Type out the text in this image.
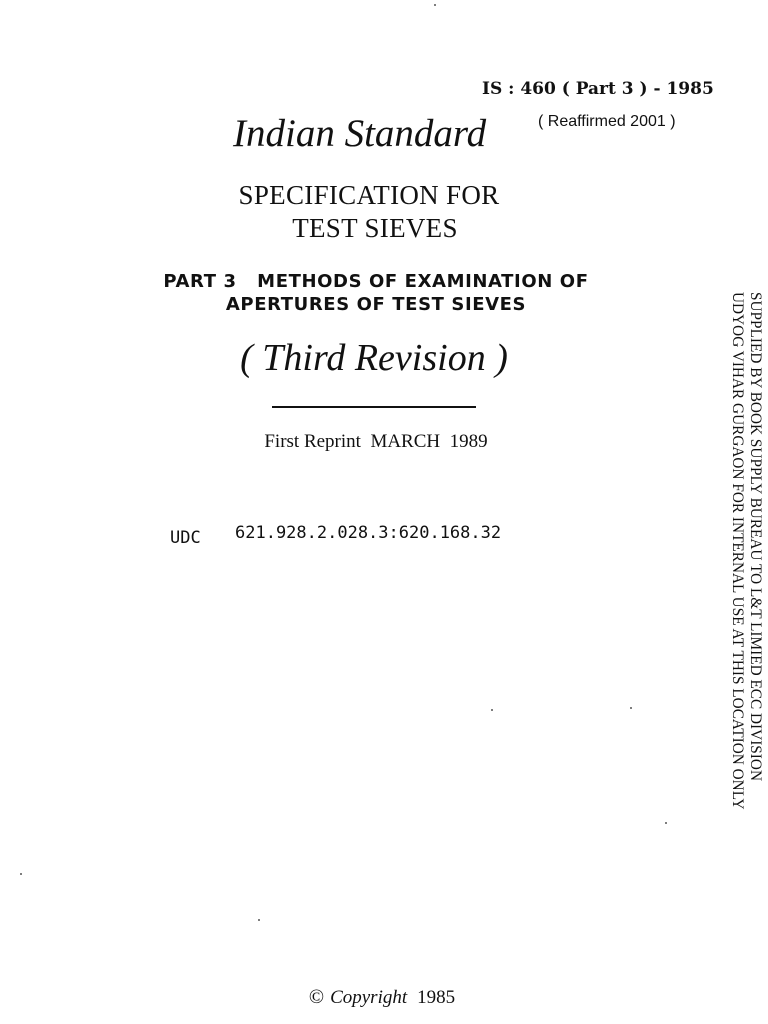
IS : 460 ( Part 3 ) - 1985
( Reaffirmed 2001 )
Indian Standard
SPECIFICATION FOR
TEST SIEVES
PART 3   METHODS OF EXAMINATION OF
APERTURES OF TEST SIEVES
( Third Revision )
First Reprint  MARCH  1989
UDC 621.928.2.028.3:620.168.32	SUPPLIED BY BOOK SUPPLY BUREAU TO L&T LIMIED ECC DIVISION
UDYOG VIHAR GURGAON FOR INTERNAL USE AT THIS LOCATION ONLY
© Copyright 1985
